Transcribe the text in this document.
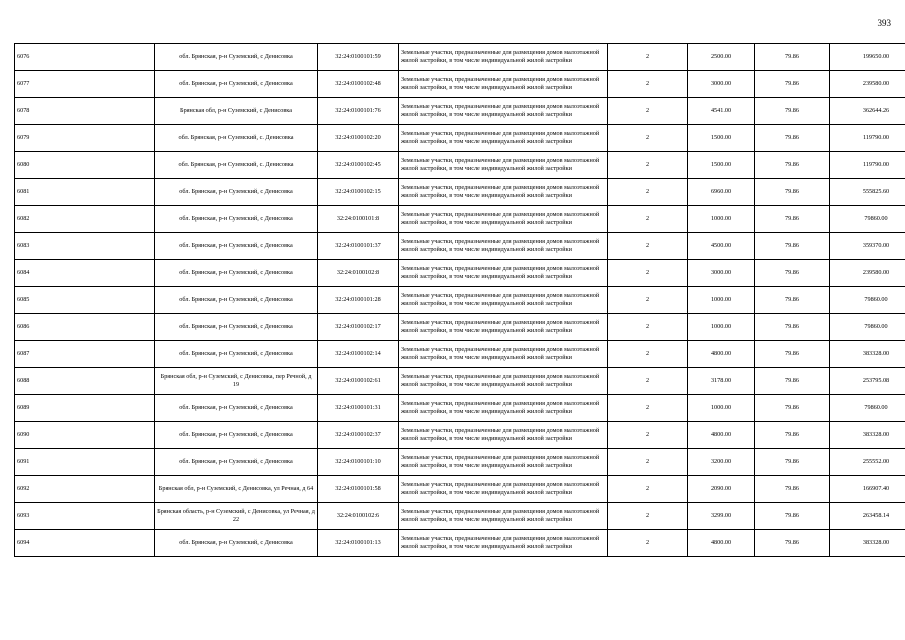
393
6076	обл. Брянская, р-н Суземский, с Денисовка	32:24:0100101:59	Земельные участки, предназначенные для размещения домов малоэтажной жилой застройки, в том числе индивидуальной жилой застройки	2	2500.00	79.86	199650.00
6077	обл. Брянская, р-н Суземский, с Денисовка	32:24:0100102:48	Земельные участки, предназначенные для размещения домов малоэтажной жилой застройки, в том числе индивидуальной жилой застройки	2	3000.00	79.86	239580.00
6078	Брянская обл, р-н Суземский, с Денисовка	32:24:0100101:76	Земельные участки, предназначенные для размещения домов малоэтажной жилой застройки, в том числе индивидуальной жилой застройки	2	4541.00	79.86	362644.26
6079	обл. Брянская, р-н Суземский, с. Денисовка	32:24:0100102:20	Земельные участки, предназначенные для размещения домов малоэтажной жилой застройки, в том числе индивидуальной жилой застройки	2	1500.00	79.86	119790.00
6080	обл. Брянская, р-н Суземский, с. Денисовка	32:24:0100102:45	Земельные участки, предназначенные для размещения домов малоэтажной жилой застройки, в том числе индивидуальной жилой застройки	2	1500.00	79.86	119790.00
6081	обл. Брянская, р-н Суземский, с Денисовка	32:24:0100102:15	Земельные участки, предназначенные для размещения домов малоэтажной жилой застройки, в том числе индивидуальной жилой застройки	2	6960.00	79.86	555825.60
6082	обл. Брянская, р-н Суземский, с Денисовка	32:24:0100101:8	Земельные участки, предназначенные для размещения домов малоэтажной жилой застройки, в том числе индивидуальной жилой застройки	2	1000.00	79.86	79860.00
6083	обл. Брянская, р-н Суземский, с Денисовка	32:24:0100101:37	Земельные участки, предназначенные для размещения домов малоэтажной жилой застройки, в том числе индивидуальной жилой застройки	2	4500.00	79.86	359370.00
6084	обл. Брянская, р-н Суземский, с Денисовка	32:24:0100102:8	Земельные участки, предназначенные для размещения домов малоэтажной жилой застройки, в том числе индивидуальной жилой застройки	2	3000.00	79.86	239580.00
6085	обл. Брянская, р-н Суземский, с Денисовка	32:24:0100101:28	Земельные участки, предназначенные для размещения домов малоэтажной жилой застройки, в том числе индивидуальной жилой застройки	2	1000.00	79.86	79860.00
6086	обл. Брянская, р-н Суземский, с Денисовка	32:24:0100102:17	Земельные участки, предназначенные для размещения домов малоэтажной жилой застройки, в том числе индивидуальной жилой застройки	2	1000.00	79.86	79860.00
6087	обл. Брянская, р-н Суземский, с Денисовка	32:24:0100102:14	Земельные участки, предназначенные для размещения домов малоэтажной жилой застройки, в том числе индивидуальной жилой застройки	2	4800.00	79.86	383328.00
6088	Брянская обл, р-н Суземский, с Денисовка, пер Речной, д 19	32:24:0100102:61	Земельные участки, предназначенные для размещения домов малоэтажной жилой застройки, в том числе индивидуальной жилой застройки	2	3178.00	79.86	253795.08
6089	обл. Брянская, р-н Суземский, с Денисовка	32:24:0100101:31	Земельные участки, предназначенные для размещения домов малоэтажной жилой застройки, в том числе индивидуальной жилой застройки	2	1000.00	79.86	79860.00
6090	обл. Брянская, р-н Суземский, с Денисовка	32:24:0100102:37	Земельные участки, предназначенные для размещения домов малоэтажной жилой застройки, в том числе индивидуальной жилой застройки	2	4800.00	79.86	383328.00
6091	обл. Брянская, р-н Суземский, с Денисовка	32:24:0100101:10	Земельные участки, предназначенные для размещения домов малоэтажной жилой застройки, в том числе индивидуальной жилой застройки	2	3200.00	79.86	255552.00
6092	Брянская обл, р-н Суземский, с Денисовка, ул Речная, д 64	32:24:0100101:58	Земельные участки, предназначенные для размещения домов малоэтажной жилой застройки, в том числе индивидуальной жилой застройки	2	2090.00	79.86	166907.40
6093	Брянская область, р-н Суземский, с Денисовка, ул Речная, д 22	32:24:0100102:6	Земельные участки, предназначенные для размещения домов малоэтажной жилой застройки, в том числе индивидуальной жилой застройки	2	3299.00	79.86	263458.14
6094	обл. Брянская, р-н Суземский, с Денисовка	32:24:0100101:13	Земельные участки, предназначенные для размещения домов малоэтажной жилой застройки, в том числе индивидуальной жилой застройки	2	4800.00	79.86	383328.00
